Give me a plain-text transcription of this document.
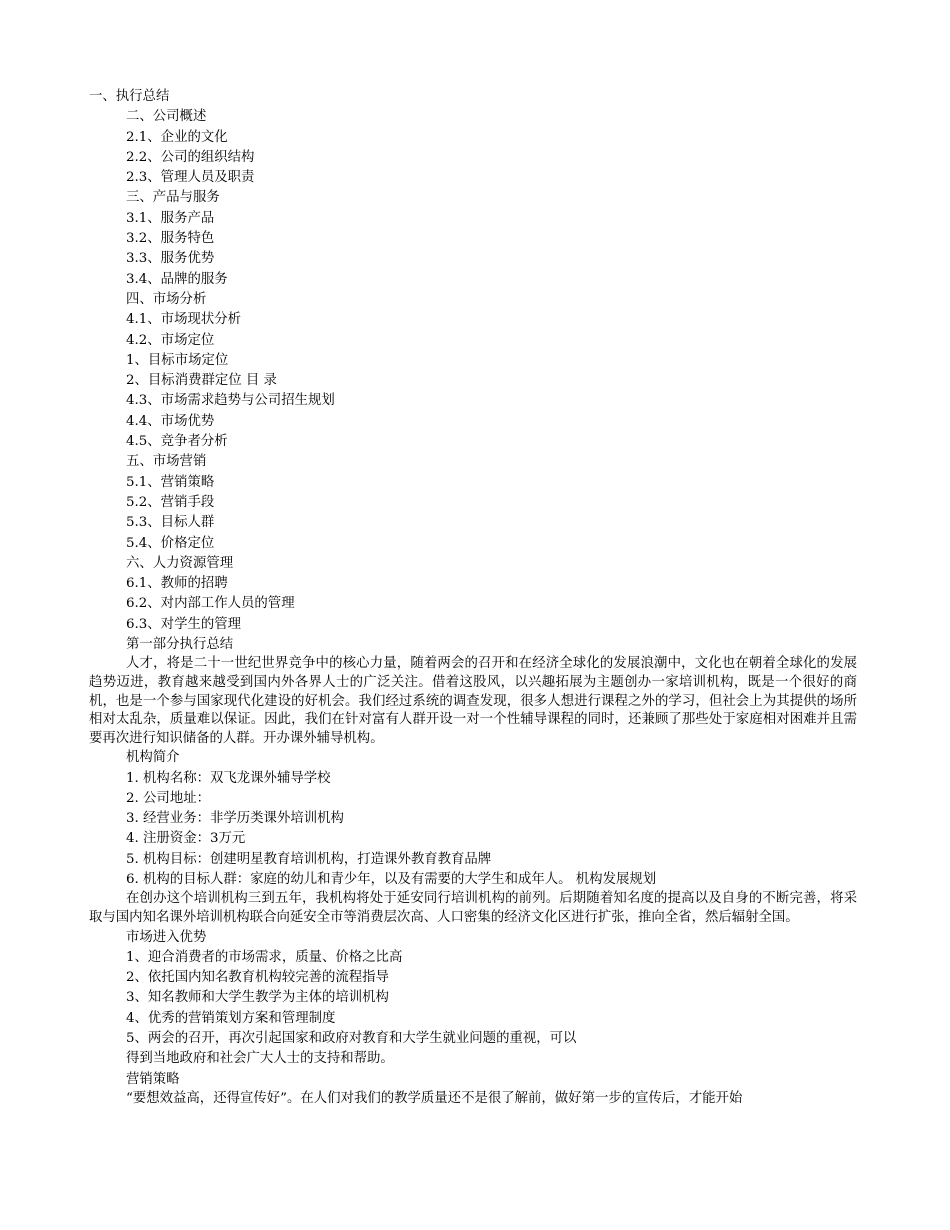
一、执行总结
二、公司概述
2.1、企业的文化
2.2、公司的组织结构
2.3、管理人员及职责
三、产品与服务
3.1、服务产品
3.2、服务特色
3.3、服务优势
3.4、品牌的服务
四、市场分析
4.1、市场现状分析
4.2、市场定位
1、目标市场定位
2、目标消费群定位 目 录
4.3、市场需求趋势与公司招生规划
4.4、市场优势
4.5、竞争者分析
五、市场营销
5.1、营销策略
5.2、营销手段
5.3、目标人群
5.4、价格定位
六、人力资源管理
6.1、教师的招聘
6.2、对内部工作人员的管理
6.3、对学生的管理
第一部分执行总结
人才，将是二十一世纪世界竞争中的核心力量，随着两会的召开和在经济全球化的发展浪潮中，文化也在朝着全球化的发展趋势迈进，教育越来越受到国内外各界人士的广泛关注。借着这股风，以兴趣拓展为主题创办一家培训机构，既是一个很好的商机，也是一个参与国家现代化建设的好机会。我们经过系统的调查发现，很多人想进行课程之外的学习，但社会上为其提供的场所相对太乱杂，质量难以保证。因此，我们在针对富有人群开设一对一个性辅导课程的同时，还兼顾了那些处于家庭相对困难并且需要再次进行知识储备的人群。开办课外辅导机构。
机构简介
1. 机构名称：双飞龙课外辅导学校
2. 公司地址：
3. 经营业务：非学历类课外培训机构
4. 注册资金：3万元
5. 机构目标：创建明星教育培训机构，打造课外教育教育品牌
6. 机构的目标人群：家庭的幼儿和青少年，以及有需要的大学生和成年人。 机构发展规划
在创办这个培训机构三到五年，我机构将处于延安同行培训机构的前列。后期随着知名度的提高以及自身的不断完善，将采取与国内知名课外培训机构联合向延安全市等消费层次高、人口密集的经济文化区进行扩张，推向全省，然后辐射全国。
市场进入优势
1、迎合消费者的市场需求，质量、价格之比高
2、依托国内知名教育机构较完善的流程指导
3、知名教师和大学生教学为主体的培训机构
4、优秀的营销策划方案和管理制度
5、两会的召开，再次引起国家和政府对教育和大学生就业问题的重视，可以
得到当地政府和社会广大人士的支持和帮助。
营销策略
“要想效益高，还得宣传好”。在人们对我们的教学质量还不是很了解前，做好第一步的宣传后，才能开始
